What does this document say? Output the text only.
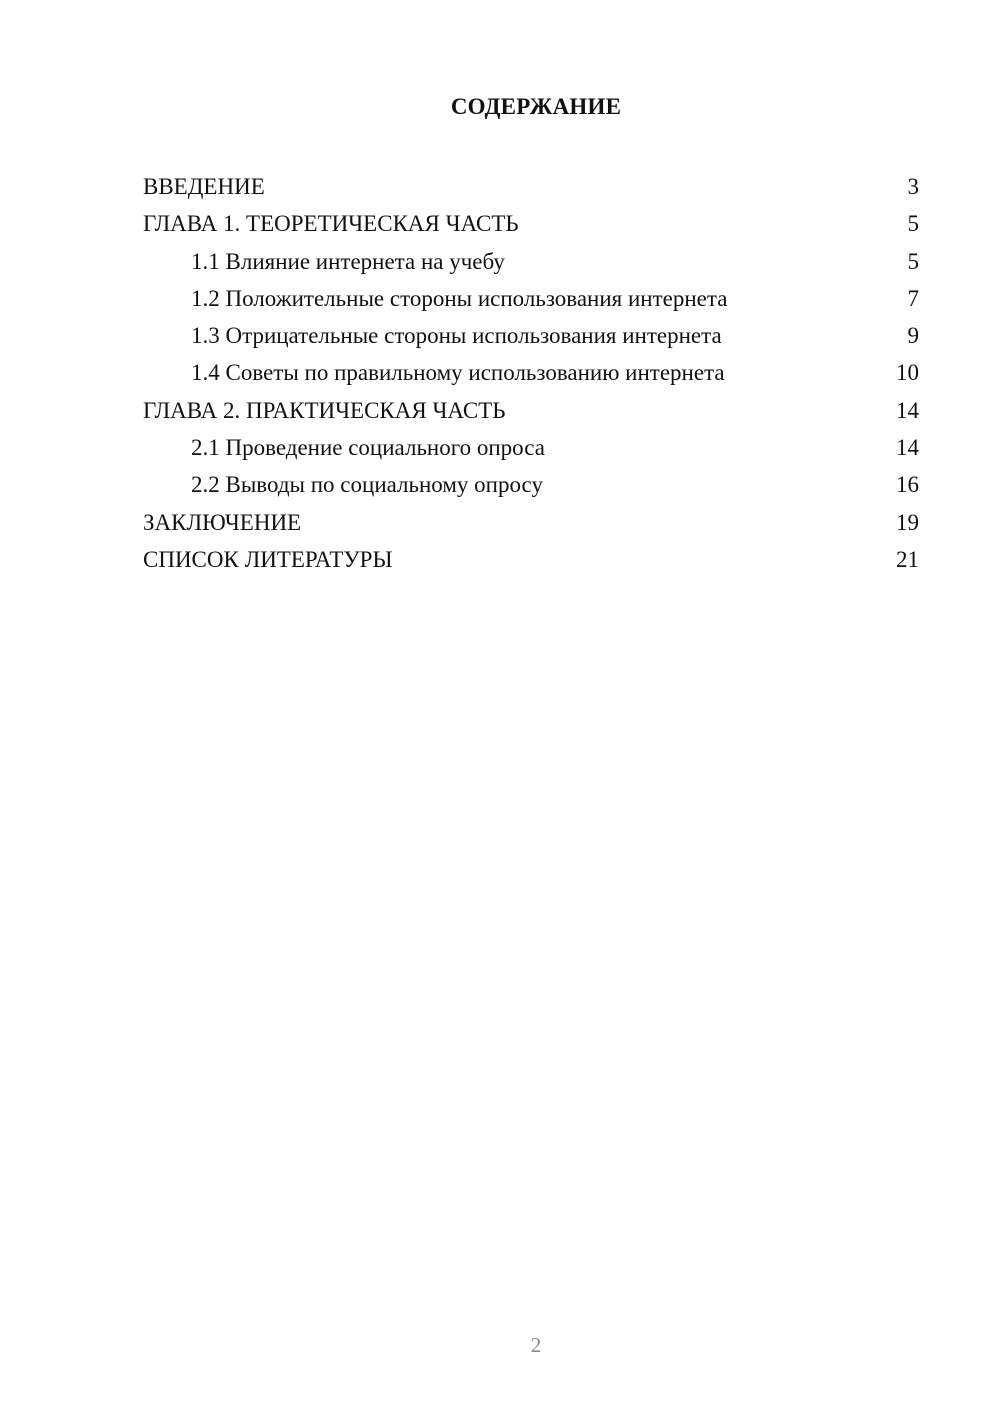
СОДЕРЖАНИЕ
ВВЕДЕНИЕ	3
ГЛАВА 1. ТЕОРЕТИЧЕСКАЯ ЧАСТЬ	5
1.1 Влияние интернета на учебу	5
1.2 Положительные стороны использования интернета	7
1.3 Отрицательные стороны использования интернета	9
1.4 Советы по правильному использованию интернета	10
ГЛАВА 2. ПРАКТИЧЕСКАЯ ЧАСТЬ	14
2.1 Проведение социального опроса	14
2.2 Выводы по социальному опросу	16
ЗАКЛЮЧЕНИЕ	19
СПИСОК ЛИТЕРАТУРЫ	21
2
